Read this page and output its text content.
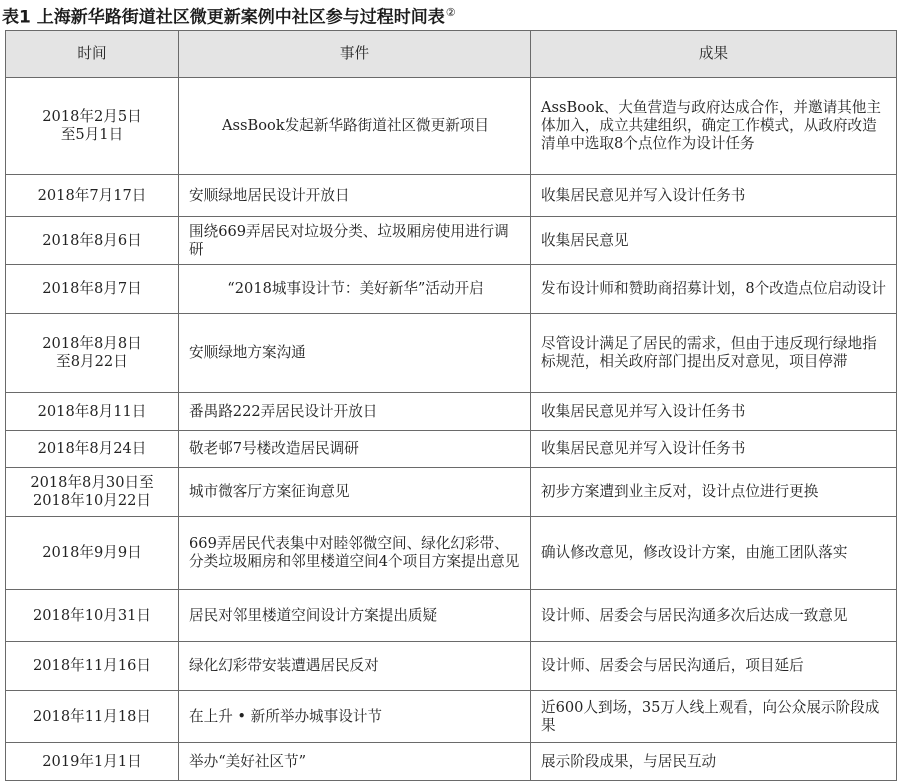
表1 上海新华路街道社区微更新案例中社区参与过程时间表②
时间	事件	成果

2018年2月5日
至5月1日	AssBook发起新华路街道社区微更新项目	AssBook、大鱼营造与政府达成合作，并邀请其他主体加入，成立共建组织，确定工作模式，从政府改造清单中选取8个点位作为设计任务

2018年7月17日	安顺绿地居民设计开放日	收集居民意见并写入设计任务书

2018年8月6日	围绕669弄居民对垃圾分类、垃圾厢房使用进行调研	收集居民意见

2018年8月7日	“2018城事设计节：美好新华”活动开启	发布设计师和赞助商招募计划，8个改造点位启动设计

2018年8月8日
至8月22日	安顺绿地方案沟通	尽管设计满足了居民的需求，但由于违反现行绿地指标规范，相关政府部门提出反对意见，项目停滞

2018年8月11日	番禺路222弄居民设计开放日	收集居民意见并写入设计任务书

2018年8月24日	敬老邨7号楼改造居民调研	收集居民意见并写入设计任务书

2018年8月30日至
2018年10月22日	城市微客厅方案征询意见	初步方案遭到业主反对，设计点位进行更换

2018年9月9日	669弄居民代表集中对睦邻微空间、绿化幻彩带、分类垃圾厢房和邻里楼道空间4个项目方案提出意见	确认修改意见，修改设计方案，由施工团队落实

2018年10月31日	居民对邻里楼道空间设计方案提出质疑	设计师、居委会与居民沟通多次后达成一致意见

2018年11月16日	绿化幻彩带安装遭遇居民反对	设计师、居委会与居民沟通后，项目延后

2018年11月18日	在上升 • 新所举办城事设计节	近600人到场，35万人线上观看，向公众展示阶段成果

2019年1月1日	举办“美好社区节”	展示阶段成果，与居民互动
